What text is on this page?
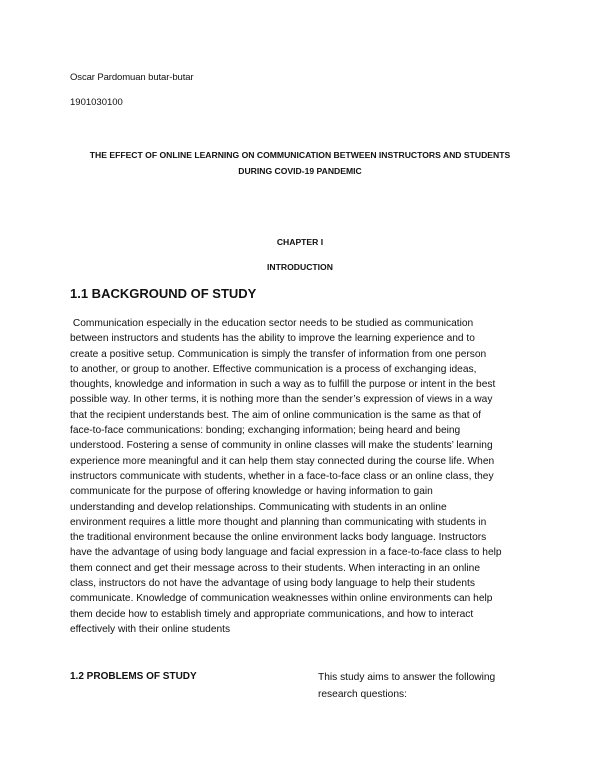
Oscar Pardomuan butar-butar
1901030100
THE EFFECT OF ONLINE LEARNING ON COMMUNICATION BETWEEN INSTRUCTORS AND STUDENTS
DURING COVID-19 PANDEMIC
CHAPTER I
INTRODUCTION
1.1 BACKGROUND OF STUDY
Communication especially in the education sector needs to be studied as communication
between instructors and students has the ability to improve the learning experience and to
create a positive setup. Communication is simply the transfer of information from one person
to another, or group to another. Effective communication is a process of exchanging ideas,
thoughts, knowledge and information in such a way as to fulfill the purpose or intent in the best
possible way. In other terms, it is nothing more than the sender’s expression of views in a way
that the recipient understands best. The aim of online communication is the same as that of
face-to-face communications: bonding; exchanging information; being heard and being
understood. Fostering a sense of community in online classes will make the students’ learning
experience more meaningful and it can help them stay connected during the course life. When
instructors communicate with students, whether in a face-to-face class or an online class, they
communicate for the purpose of offering knowledge or having information to gain
understanding and develop relationships. Communicating with students in an online
environment requires a little more thought and planning than communicating with students in
the traditional environment because the online environment lacks body language. Instructors
have the advantage of using body language and facial expression in a face-to-face class to help
them connect and get their message across to their students. When interacting in an online
class, instructors do not have the advantage of using body language to help their students
communicate. Knowledge of communication weaknesses within online environments can help
them decide how to establish timely and appropriate communications, and how to interact
effectively with their online students
1.2 PROBLEMS OF STUDY	This study aims to answer the following
research questions:
